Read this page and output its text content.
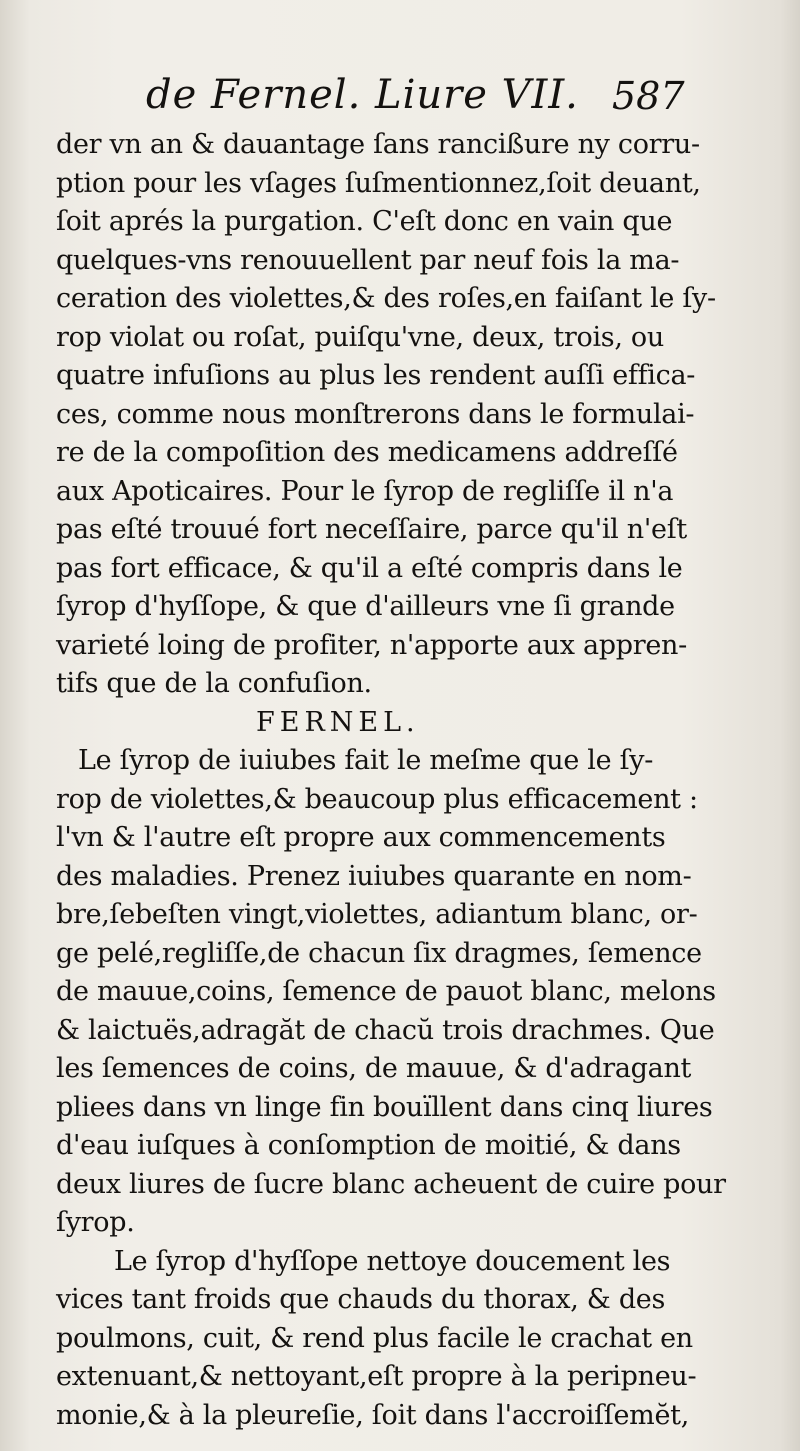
de Fernel. Liure VII. 587
der vn an & dauantage ſans rancißure ny corru-
ption pour les vſages ſuſmentionnez,ſoit deuant,
ſoit aprés la purgation. C'eſt donc en vain que
quelques-vns renouuellent par neuf fois la ma-
ceration des violettes,& des roſes,en faiſant le ſy-
rop violat ou roſat, puiſqu'vne, deux, trois, ou
quatre infuſions au plus les rendent auſſi effica-
ces, comme nous monſtrerons dans le formulai-
re de la compoſition des medicamens addreſſé
aux Apoticaires. Pour le ſyrop de regliſſe il n'a
pas eſté trouué fort neceſſaire, parce qu'il n'eſt
pas fort efficace, & qu'il a eſté compris dans le
ſyrop d'hyſſope, & que d'ailleurs vne ſi grande
varieté loing de profiter, n'apporte aux appren-
tifs que de la confuſion.
FERNEL.
Le ſyrop de iuiubes fait le meſme que le ſy-
rop de violettes,& beaucoup plus efficacement :
l'vn & l'autre eſt propre aux commencements
des maladies. Prenez iuiubes quarante en nom-
bre,ſebeſten vingt,violettes, adiantum blanc, or-
ge pelé,regliſſe,de chacun ſix dragmes, ſemence
de mauue,coins, ſemence de pauot blanc, melons
& laictuës,adragăt de chacŭ trois drachmes. Que
les ſemences de coins, de mauue, & d'adragant
pliees dans vn linge fin bouïllent dans cinq liures
d'eau iuſques à conſomption de moitié, & dans
deux liures de ſucre blanc acheuent de cuire pour
ſyrop.
Le ſyrop d'hyſſope nettoye doucement les
vices tant froids que chauds du thorax, & des
poulmons, cuit, & rend plus facile le crachat en
extenuant,& nettoyant,eſt propre à la peripneu-
monie,& à la pleureſie, ſoit dans l'accroiſſemĕt,
